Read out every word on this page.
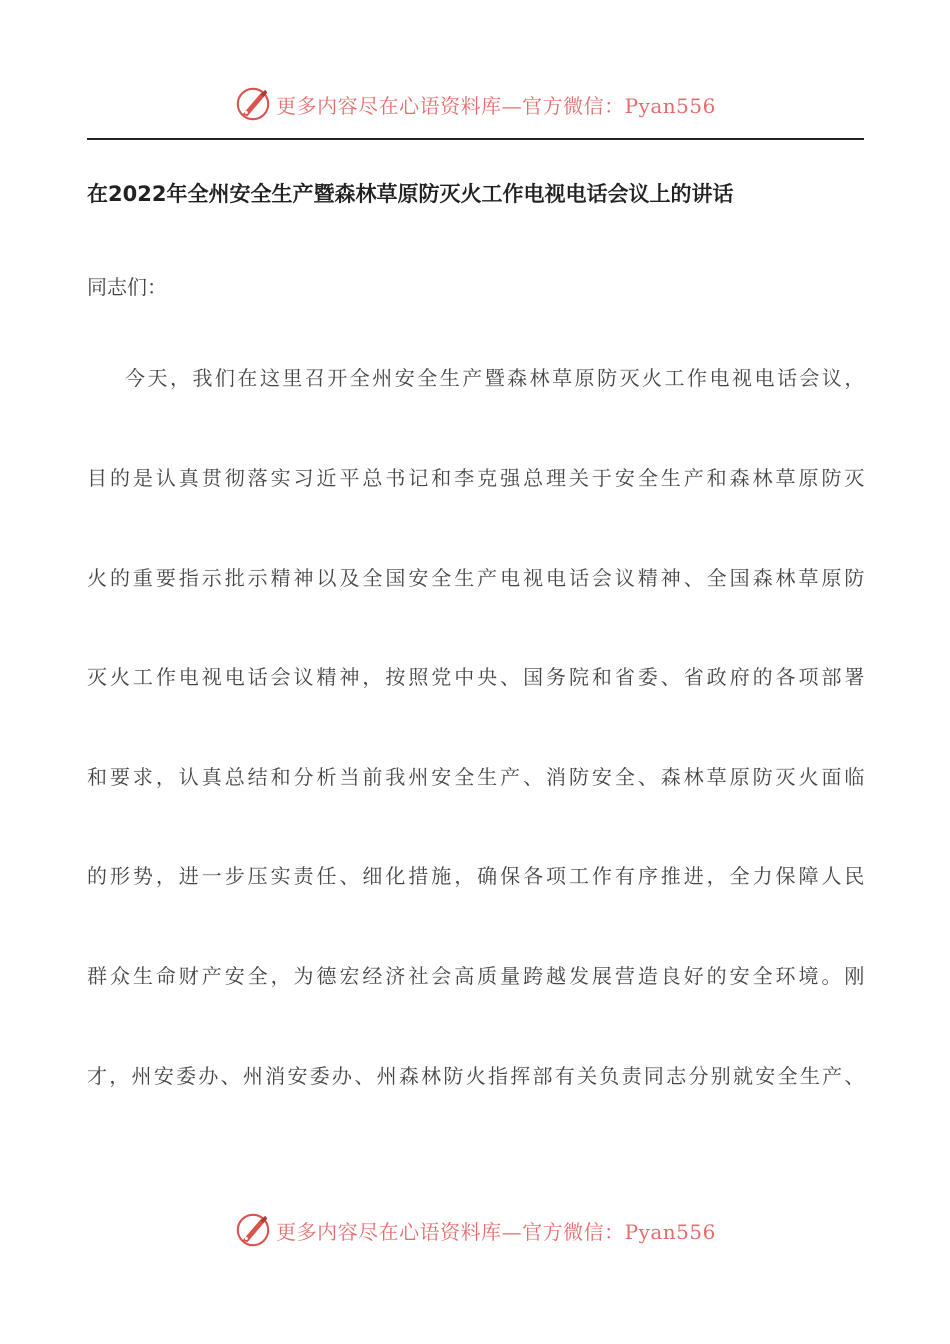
更多内容尽在心语资料库—官方微信：Pyan556
在2022年全州安全生产暨森林草原防灭火工作电视电话会议上的讲话

同志们：

今天，我们在这里召开全州安全生产暨森林草原防灭火工作电视电话会议，

目的是认真贯彻落实习近平总书记和李克强总理关于安全生产和森林草原防灭

火的重要指示批示精神以及全国安全生产电视电话会议精神、全国森林草原防

灭火工作电视电话会议精神，按照党中央、国务院和省委、省政府的各项部署

和要求，认真总结和分析当前我州安全生产、消防安全、森林草原防灭火面临

的形势，进一步压实责任、细化措施，确保各项工作有序推进，全力保障人民

群众生命财产安全，为德宏经济社会高质量跨越发展营造良好的安全环境。刚

才，州安委办、州消安委办、州森林防火指挥部有关负责同志分别就安全生产、

更多内容尽在心语资料库—官方微信：Pyan556
